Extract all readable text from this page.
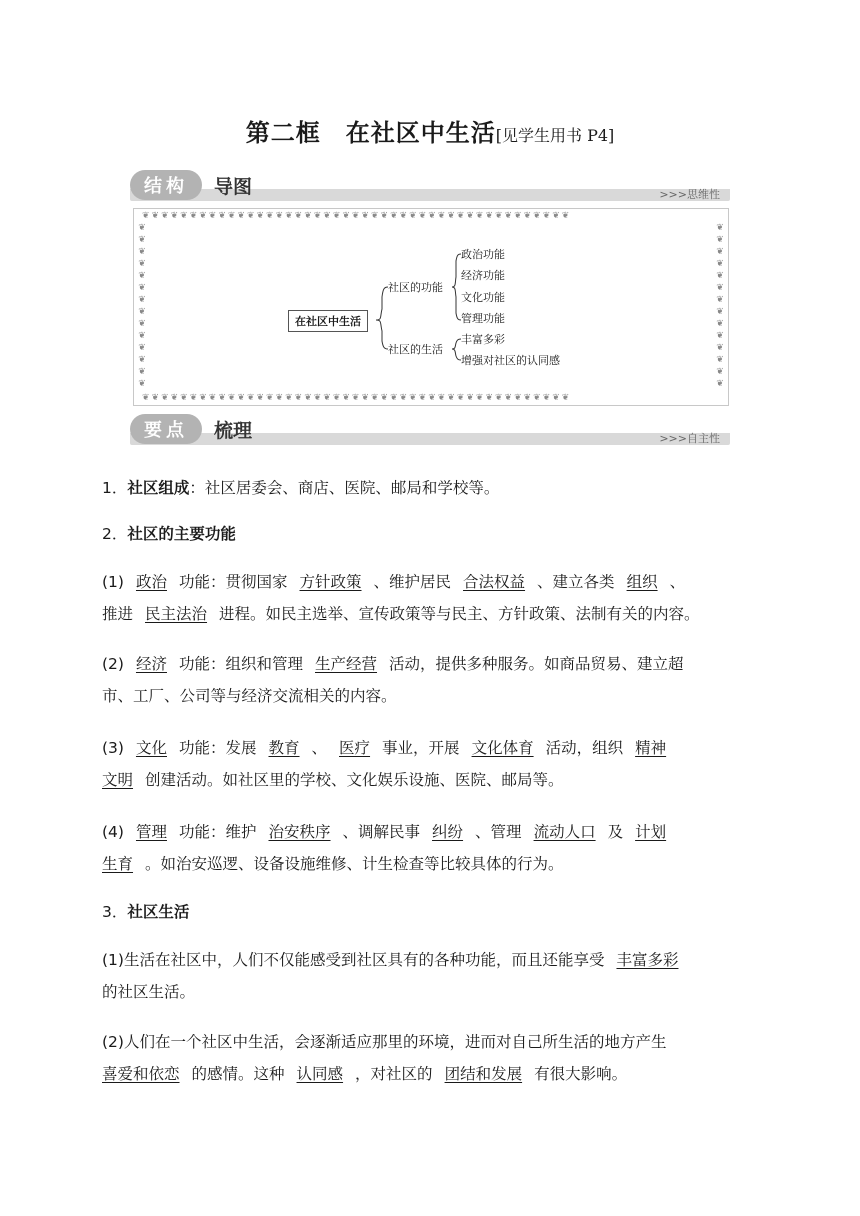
第二框　在社区中生活[见学生用书 P4]
结构	导图	>>>思维性
❦❦❦❦❦❦❦❦❦❦❦❦❦❦❦❦❦❦❦❦❦❦❦❦❦❦❦❦❦❦❦❦❦❦❦❦❦❦❦❦❦❦❦❦❦
❦❦❦❦❦❦❦❦❦❦❦❦❦❦❦❦❦❦❦❦❦❦❦❦❦❦❦❦❦❦❦❦❦❦❦❦❦❦❦❦❦❦❦❦❦
❦❦❦❦❦❦❦❦❦❦❦❦❦❦	❦❦❦❦❦❦❦❦❦❦❦❦❦❦
在社区中生活
社区的功能
社区的生活
政治功能
经济功能
文化功能
管理功能
丰富多彩
增强对社区的认同感
要点	梳理	>>>自主性
1．社区组成：社区居委会、商店、医院、邮局和学校等。
2．社区的主要功能
(1) 政治 功能：贯彻国家 方针政策 、维护居民 合法权益 、建立各类 组织 、
推进 民主法治 进程。如民主选举、宣传政策等与民主、方针政策、法制有关的内容。
(2) 经济 功能：组织和管理 生产经营 活动，提供多种服务。如商品贸易、建立超
市、工厂、公司等与经济交流相关的内容。
(3) 文化 功能：发展 教育 、 医疗 事业，开展 文化体育 活动，组织 精神
文明 创建活动。如社区里的学校、文化娱乐设施、医院、邮局等。
(4) 管理 功能：维护 治安秩序 、调解民事 纠纷 、管理 流动人口 及 计划
生育 。如治安巡逻、设备设施维修、计生检查等比较具体的行为。
3．社区生活
(1)生活在社区中，人们不仅能感受到社区具有的各种功能，而且还能享受 丰富多彩
的社区生活。
(2)人们在一个社区中生活，会逐渐适应那里的环境，进而对自己所生活的地方产生
喜爱和依恋 的感情。这种 认同感 ，对社区的 团结和发展 有很大影响。
